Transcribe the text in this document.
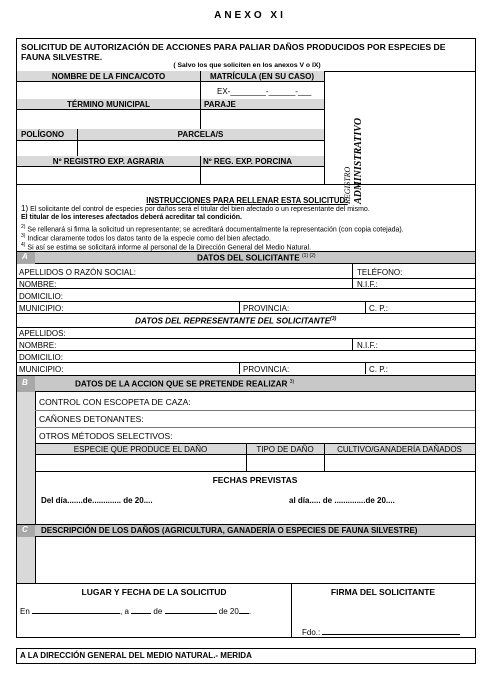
ANEXO XI
SOLICITUD DE AUTORIZACIÓN DE ACCIONES PARA PALIAR DAÑOS PRODUCIDOS POR ESPECIES DE FAUNA SILVESTRE.
( Salvo los que soliciten en los anexos V o IX)
NOMBRE DE LA FINCA/COTO	MATRÍCULA (EN SU CASO)
EX-________-______-___
TÉRMINO MUNICIPAL	PARAJE
POLÍGONO	PARCELA/S
Nº REGISTRO EXP. AGRARIA	Nº REG. EXP. PORCINA
REGISTRO ADMINISTRATIVO
INSTRUCCIONES PARA RELLENAR ESTA SOLICITUD:
1) El solicitante del control de especies por daños será el titular del bien afectado o un representante del mismo.
El titular de los intereses afectados deberá acreditar tal condición.
$^{2)}$ Se rellenará si firma la solicitud un representante; se acreditará documentalmente la representación (con copia cotejada).
$^{3)}$ Indicar claramente todos los datos tanto de la especie como del bien afectado.
$^{4)}$ Si así se estima se solicitará informe al personal de la Dirección General del Medio Natural.
A	DATOS DEL SOLICITANTE $^{(1) (2)}$
APELLIDOS O RAZÓN SOCIAL:	TELÉFONO:
NOMBRE:	N.I.F.:
DOMICILIO:
MUNICIPIO:	PROVINCIA:	C. P.:
DATOS DEL REPRESENTANTE DEL SOLICITANTE$^{(3)}$
APELLIDOS:
NOMBRE:	N.I.F.:
DOMICILIO:
MUNICIPIO:	PROVINCIA:	C. P.:
B	DATOS DE LA ACCION QUE SE PRETENDE REALIZAR $^{3)}$
CONTROL CON ESCOPETA DE CAZA:
CAÑONES DETONANTES:
OTROS MÉTODOS SELECTIVOS:
ESPECIE QUE PRODUCE EL DAÑO	TIPO DE DAÑO	CULTIVO/GANADERÍA DAÑADOS
FECHAS PREVISTAS
Del día.......de............. de 20....	al día..... de ..............de 20....
C DESCRIPCIÓN DE LOS DAÑOS (AGRICULTURA, GANADERÍA O ESPECIES DE FAUNA SILVESTRE)
LUGAR Y FECHA DE LA SOLICITUD	FIRMA DEL SOLICITANTE
En	, a	de	de 20 .
Fdo.:
A LA DIRECCIÓN GENERAL DEL MEDIO NATURAL.- MERIDA
